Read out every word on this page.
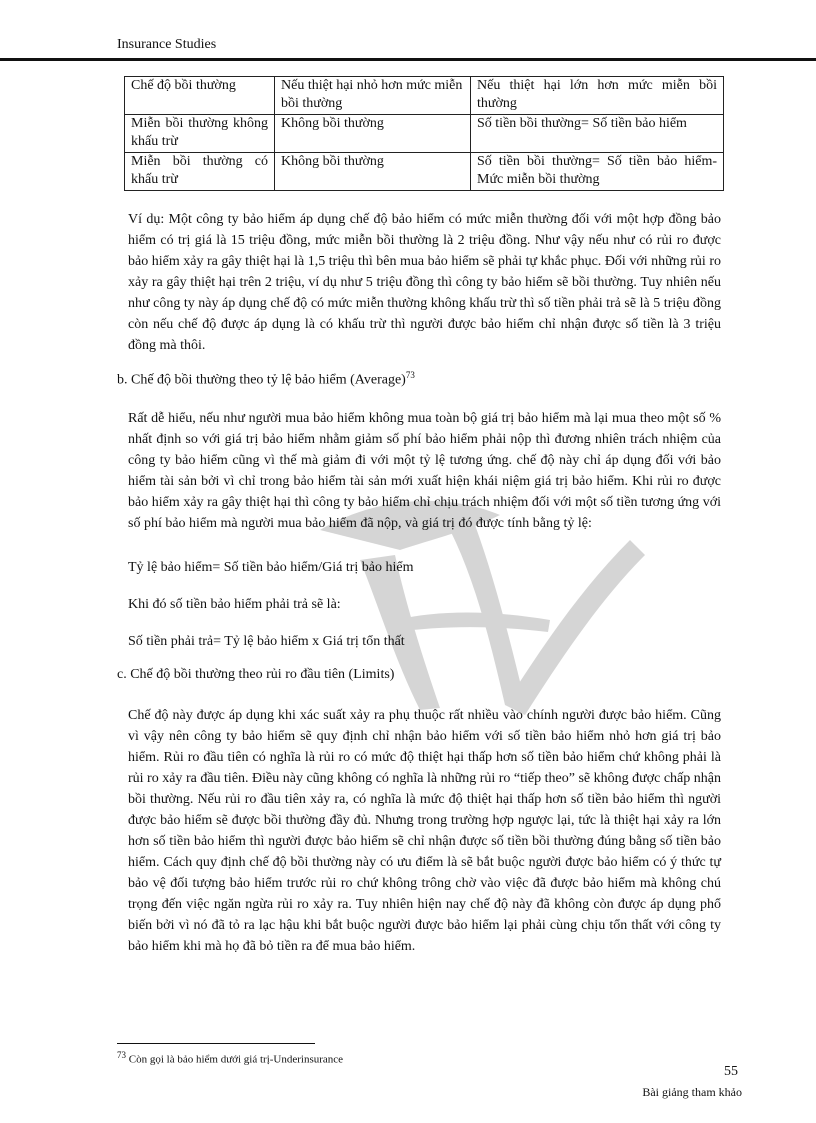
Insurance Studies
Chế độ bồi thường	Nếu thiệt hại nhỏ hơn mức miễn bồi thường	Nếu thiệt hại lớn hơn mức miễn bồi thường
Miễn bồi thường không khấu trừ	Không bồi thường	Số tiền bồi thường= Số tiền bảo hiểm
Miễn bồi thường có khấu trừ	Không bồi thường	Số tiền bồi thường= Số tiền bảo hiểm- Mức miễn bồi thường

Ví dụ: Một công ty bảo hiểm áp dụng chế độ bảo hiểm có mức miễn thường đối với một hợp đồng bảo hiểm có trị giá là 15 triệu đồng, mức miễn bồi thường là 2 triệu đồng. Như vậy nếu như có rủi ro được bảo hiểm xảy ra gây thiệt hại là 1,5 triệu thì bên mua bảo hiểm sẽ phải tự khắc phục. Đối với những rủi ro xảy ra gây thiệt hại trên 2 triệu, ví dụ như 5 triệu đồng thì công ty bảo hiểm sẽ bồi thường. Tuy nhiên nếu như công ty này áp dụng chế độ có mức miễn thường không khấu trừ thì số tiền phải trả sẽ là 5 triệu đồng còn nếu chế độ được áp dụng là có khấu trừ thì người được bảo hiểm chỉ nhận được số tiền là 3 triệu đồng mà thôi.

b. Chế độ bồi thường theo tỷ lệ bảo hiểm (Average)$^{73}$

Rất dễ hiểu, nếu như người mua bảo hiểm không mua toàn bộ giá trị bảo hiểm mà lại mua theo một số % nhất định so với giá trị bảo hiểm nhằm giảm số phí bảo hiểm phải nộp thì đương nhiên trách nhiệm của công ty bảo hiểm cũng vì thế mà giảm đi với một tỷ lệ tương ứng. chế độ này chỉ áp dụng đối với bảo hiểm tài sản bởi vì chỉ trong bảo hiểm tài sản mới xuất hiện khái niệm giá trị bảo hiểm. Khi rủi ro được bảo hiểm xảy ra gây thiệt hại thì công ty bảo hiểm chỉ chịu trách nhiệm đối với một số tiền tương ứng với số phí bảo hiểm mà người mua bảo hiểm đã nộp, và giá trị đó được tính bằng tỷ lệ:

Tỷ lệ bảo hiểm= Số tiền bảo hiểm/Giá trị bảo hiểm
Khi đó số tiền bảo hiểm phải trả sẽ là:
Số tiền phải trả= Tỷ lệ bảo hiểm x Giá trị tổn thất
c. Chế độ bồi thường theo rủi ro đầu tiên (Limits)

Chế độ này được áp dụng khi xác suất xảy ra phụ thuộc rất nhiều vào chính người được bảo hiểm. Cũng vì vậy nên công ty bảo hiểm sẽ quy định chỉ nhận bảo hiểm với số tiền bảo hiểm nhỏ hơn giá trị bảo hiểm. Rủi ro đầu tiên có nghĩa là rủi ro có mức độ thiệt hại thấp hơn số tiền bảo hiểm chứ không phải là rủi ro xảy ra đầu tiên. Điều này cũng không có nghĩa là những rủi ro “tiếp theo” sẽ không được chấp nhận bồi thường. Nếu rủi ro đầu tiên xảy ra, có nghĩa là mức độ thiệt hại thấp hơn số tiền bảo hiểm thì người được bảo hiểm sẽ được bồi thường đầy đủ. Nhưng trong trường hợp ngược lại, tức là thiệt hại xảy ra lớn hơn số tiền bảo hiểm thì người được bảo hiểm sẽ chỉ nhận được số tiền bồi thường đúng bằng số tiền bảo hiểm. Cách quy định chế độ bồi thường này có ưu điểm là sẽ bắt buộc người được bảo hiểm có ý thức tự bảo vệ đối tượng bảo hiểm trước rủi ro chứ không trông chờ vào việc đã được bảo hiểm mà không chú trọng đến việc ngăn ngừa rủi ro xảy ra. Tuy nhiên hiện nay chế độ này đã không còn được áp dụng phổ biến bởi vì nó đã tỏ ra lạc hậu khi bắt buộc người được bảo hiểm lại phải cùng chịu tổn thất với công ty bảo hiểm khi mà họ đã bỏ tiền ra để mua bảo hiểm.

$^{73}$ Còn gọi là bảo hiểm dưới giá trị-Underinsurance
55
Bài giảng tham khảo
